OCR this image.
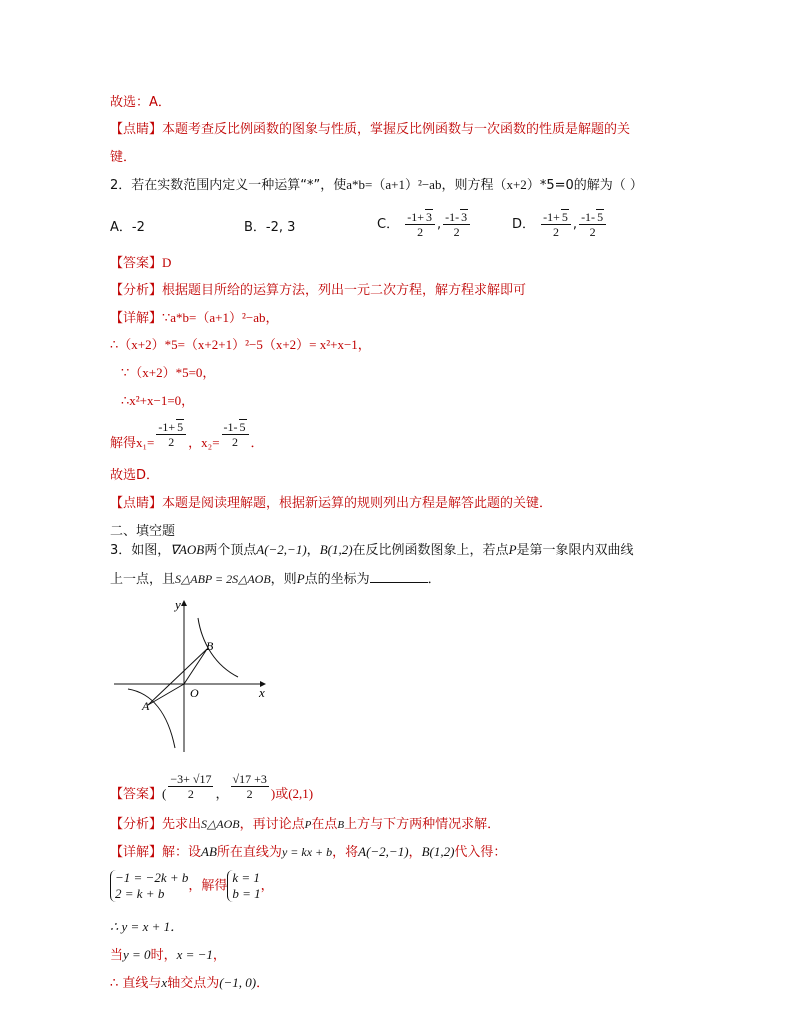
故选：A．
【点睛】本题考查反比例函数的图象与性质，掌握反比例函数与一次函数的性质是解题的关
键．
2．若在实数范围内定义一种运算“*”，使a*b=（a+1）²−ab，则方程（x+2）*5=0的解为（ ）
A．-2	B．-2, 3	C． $\frac{-1+ 3}{2}$ , $\frac{-1- 3}{2}$	D． $\frac{-1+ 5}{2}$ , $\frac{-1- 5}{2}$
【答案】D
【分析】根据题目所给的运算方法，列出一元二次方程，解方程求解即可
【详解】∵a*b=（a+1）²−ab，
∴（x+2）*5=（x+2+1）²−5（x+2）= x²+x−1，
∵（x+2）*5=0，
∴x²+x−1=0，
解得$x_1= \frac{-1+ 5}{2}$ ，$x_2= \frac{-1- 5}{2}$ ．
故选D．
【点睛】本题是阅读理解题，根据新运算的规则列出方程是解答此题的关键．
二、填空题
3．如图，∇AOB两个顶点A(−2,−1)，B(1,2)在反比例函数图象上，若点P是第一象限内双曲线
上一点，且S△ABP = 2S△AOB，则P点的坐标为	．
y
x
B
O
A
【答案】( $\frac{-3+ √17}{2}$ ， $\frac{√17 +3}{2}$ )或(2,1)
【分析】先求出S△AOB，再讨论点P在点B上方与下方两种情况求解．
【详解】解：设AB所在直线为y = kx + b，将A(−2,−1)，B(1,2)代入得：
−1 = −2k + b
2 = k + b	，解得
k = 1
b = 1 ，
∴ y = x + 1．
当y = 0时，x = −1，
∴ 直线与x轴交点为(−1, 0)．
